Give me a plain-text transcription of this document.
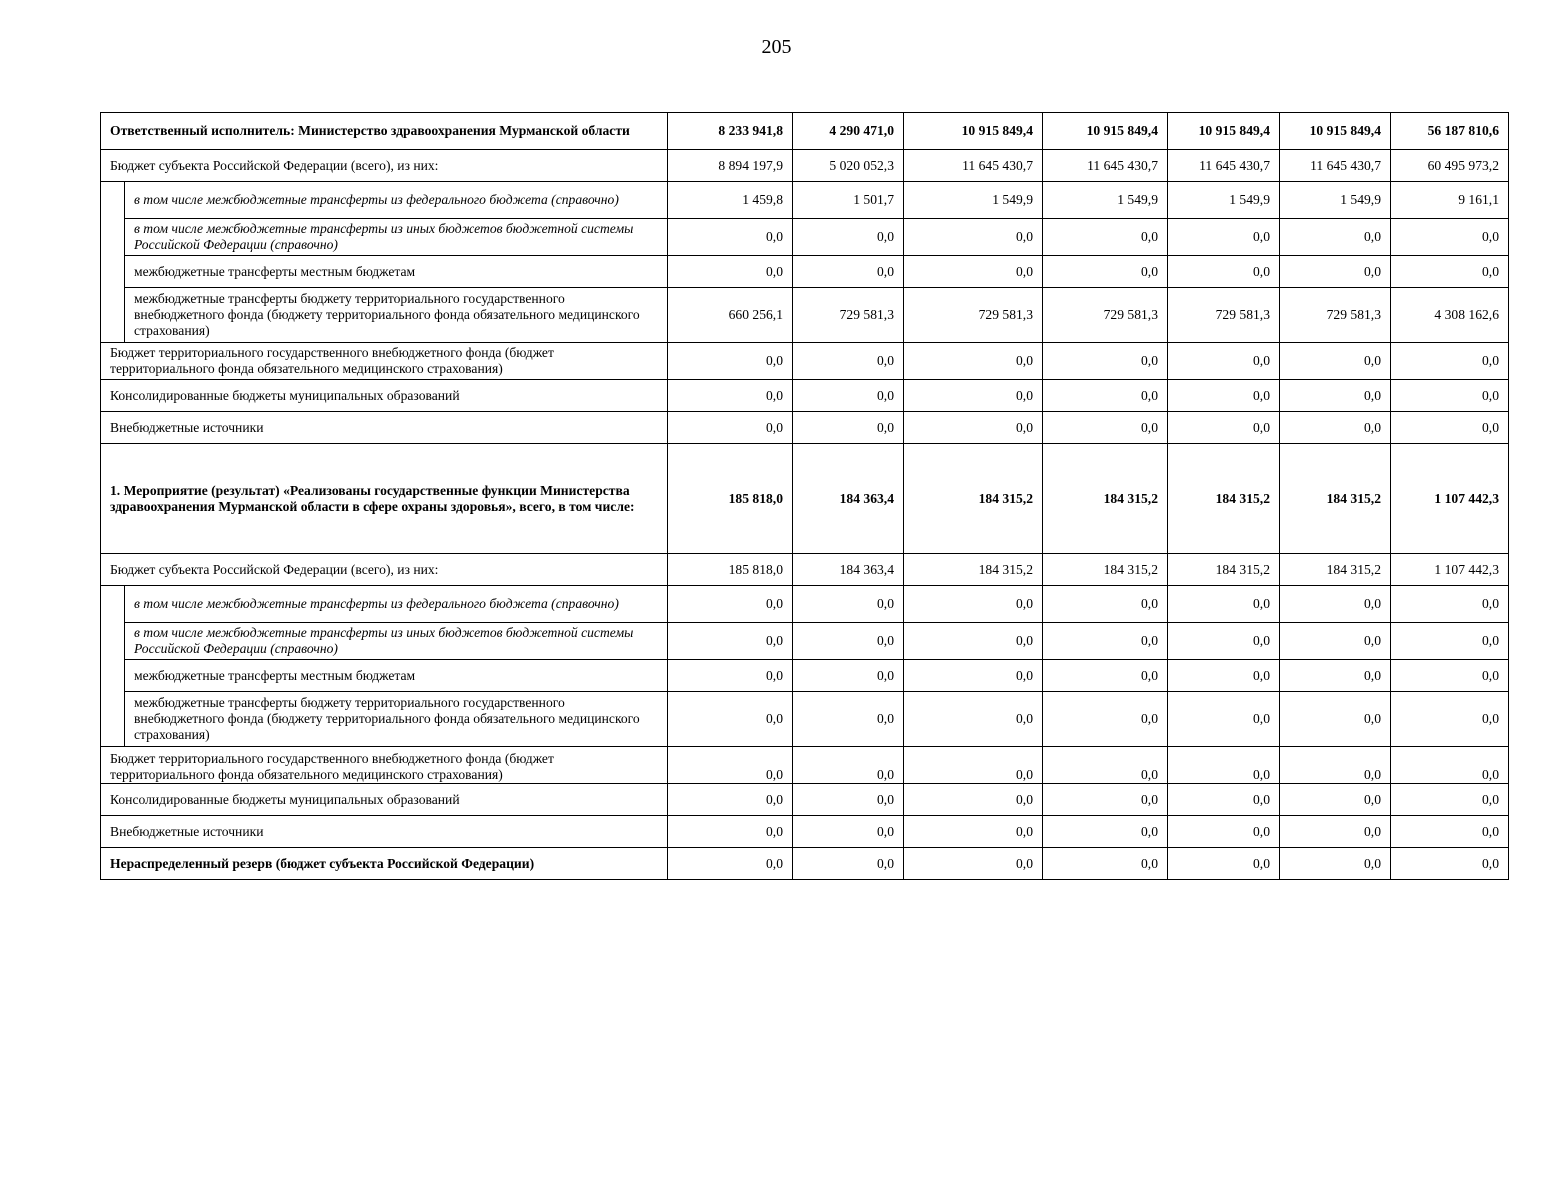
205
Ответственный исполнитель: Министерство здравоохранения Мурманской области		8 233 941,8	4 290 471,0	10 915 849,4	10 915 849,4	10 915 849,4	10 915 849,4	56 187 810,6
Бюджет субъекта Российской Федерации (всего), из них:		8 894 197,9	5 020 052,3	11 645 430,7	11 645 430,7	11 645 430,7	11 645 430,7	60 495 973,2
	в том числе межбюджетные трансферты из федерального бюджета (справочно)	1 459,8	1 501,7	1 549,9	1 549,9	1 549,9	1 549,9	9 161,1
	в том числе межбюджетные трансферты из иных бюджетов бюджетной системы Российской Федерации (справочно)	0,0	0,0	0,0	0,0	0,0	0,0	0,0
	межбюджетные трансферты местным бюджетам	0,0	0,0	0,0	0,0	0,0	0,0	0,0
	межбюджетные трансферты бюджету территориального государственного внебюджетного фонда (бюджету территориального фонда обязательного медицинского страхования)	660 256,1	729 581,3	729 581,3	729 581,3	729 581,3	729 581,3	4 308 162,6
Бюджет территориального государственного внебюджетного фонда (бюджет территориального фонда обязательного медицинского страхования)		0,0	0,0	0,0	0,0	0,0	0,0	0,0
Консолидированные бюджеты муниципальных образований		0,0	0,0	0,0	0,0	0,0	0,0	0,0
Внебюджетные источники		0,0	0,0	0,0	0,0	0,0	0,0	0,0
1. Мероприятие (результат) «Реализованы государственные функции Министерства здравоохранения Мурманской области в сфере охраны здоровья», всего, в том числе:		185 818,0	184 363,4	184 315,2	184 315,2	184 315,2	184 315,2	1 107 442,3
Бюджет субъекта Российской Федерации (всего), из них:		185 818,0	184 363,4	184 315,2	184 315,2	184 315,2	184 315,2	1 107 442,3
	в том числе межбюджетные трансферты из федерального бюджета (справочно)	0,0	0,0	0,0	0,0	0,0	0,0	0,0
	в том числе межбюджетные трансферты из иных бюджетов бюджетной системы Российской Федерации (справочно)	0,0	0,0	0,0	0,0	0,0	0,0	0,0
	межбюджетные трансферты местным бюджетам	0,0	0,0	0,0	0,0	0,0	0,0	0,0
	межбюджетные трансферты бюджету территориального государственного внебюджетного фонда (бюджету территориального фонда обязательного медицинского страхования)	0,0	0,0	0,0	0,0	0,0	0,0	0,0
Бюджет территориального государственного внебюджетного фонда (бюджет территориального фонда обязательного медицинского страхования)		0,0	0,0	0,0	0,0	0,0	0,0	0,0
Консолидированные бюджеты муниципальных образований		0,0	0,0	0,0	0,0	0,0	0,0	0,0
Внебюджетные источники		0,0	0,0	0,0	0,0	0,0	0,0	0,0
Нераспределенный резерв (бюджет субъекта Российской Федерации)		0,0	0,0	0,0	0,0	0,0	0,0	0,0
